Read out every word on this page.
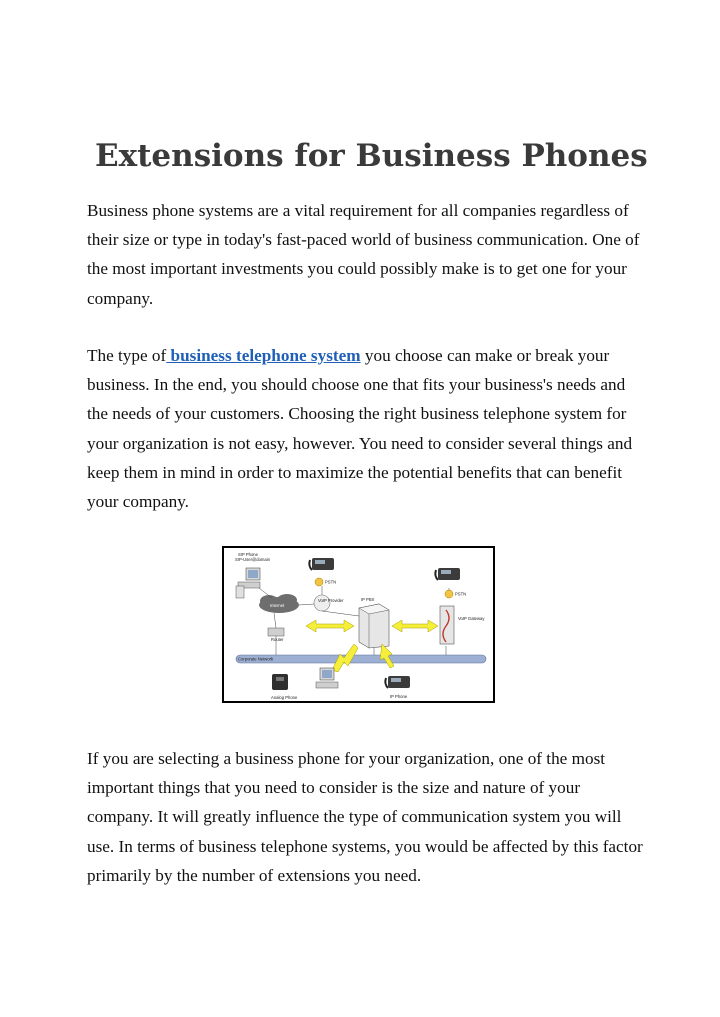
Extensions for Business Phones

Business phone systems are a vital requirement for all companies regardless of their size or type in today's fast-paced world of business communication. One of the most important investments you could possibly make is to get one for your company.

The type of business telephone system you choose can make or break your business. In the end, you should choose one that fits your business's needs and the needs of your customers. Choosing the right business telephone system for your organization is not easy, however. You need to consider several things and keep them in mind in order to maximize the potential benefits that can benefit your company.

Corporate Network
SIP Phone
SIP-User@domain
PSTN
Internet
VoIP Provider
Router
IP PBX
PSTN
VoIP Gateway
Analog Phone	IP Phone

If you are selecting a business phone for your organization, one of the most important things that you need to consider is the size and nature of your company. It will greatly influence the type of communication system you will use. In terms of business telephone systems, you would be affected by this factor primarily by the number of extensions you need.
